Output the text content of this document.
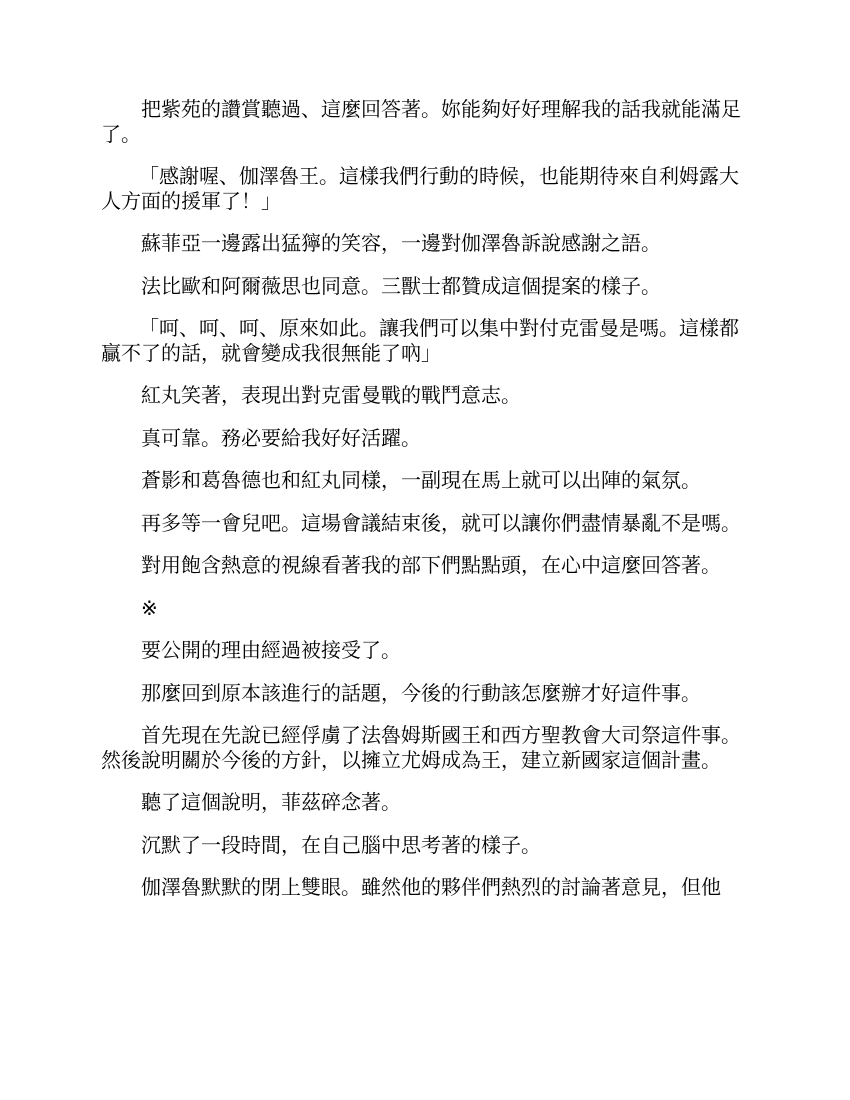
把紫苑的讚賞聽過、這麼回答著。妳能夠好好理解我的話我就能滿足了。

「感謝喔、伽澤魯王。這樣我們行動的時候，也能期待來自利姆露大人方面的援軍了！」

蘇菲亞一邊露出猛獰的笑容，一邊對伽澤魯訴說感謝之語。

法比歐和阿爾薇思也同意。三獸士都贊成這個提案的樣子。

「呵、呵、呵、原來如此。讓我們可以集中對付克雷曼是嗎。這樣都贏不了的話，就會變成我很無能了吶」

紅丸笑著，表現出對克雷曼戰的戰鬥意志。

真可靠。務必要給我好好活躍。

蒼影和葛魯德也和紅丸同樣，一副現在馬上就可以出陣的氣氛。

再多等一會兒吧。這場會議結束後，就可以讓你們盡情暴亂不是嗎。

對用飽含熱意的視線看著我的部下們點點頭，在心中這麼回答著。

※

要公開的理由經過被接受了。

那麼回到原本該進行的話題，今後的行動該怎麼辦才好這件事。

首先現在先說已經俘虜了法魯姆斯國王和西方聖教會大司祭這件事。然後說明關於今後的方針，以擁立尤姆成為王，建立新國家這個計畫。

聽了這個說明，菲茲碎念著。

沉默了一段時間，在自己腦中思考著的樣子。

伽澤魯默默的閉上雙眼。雖然他的夥伴們熱烈的討論著意見，但他
